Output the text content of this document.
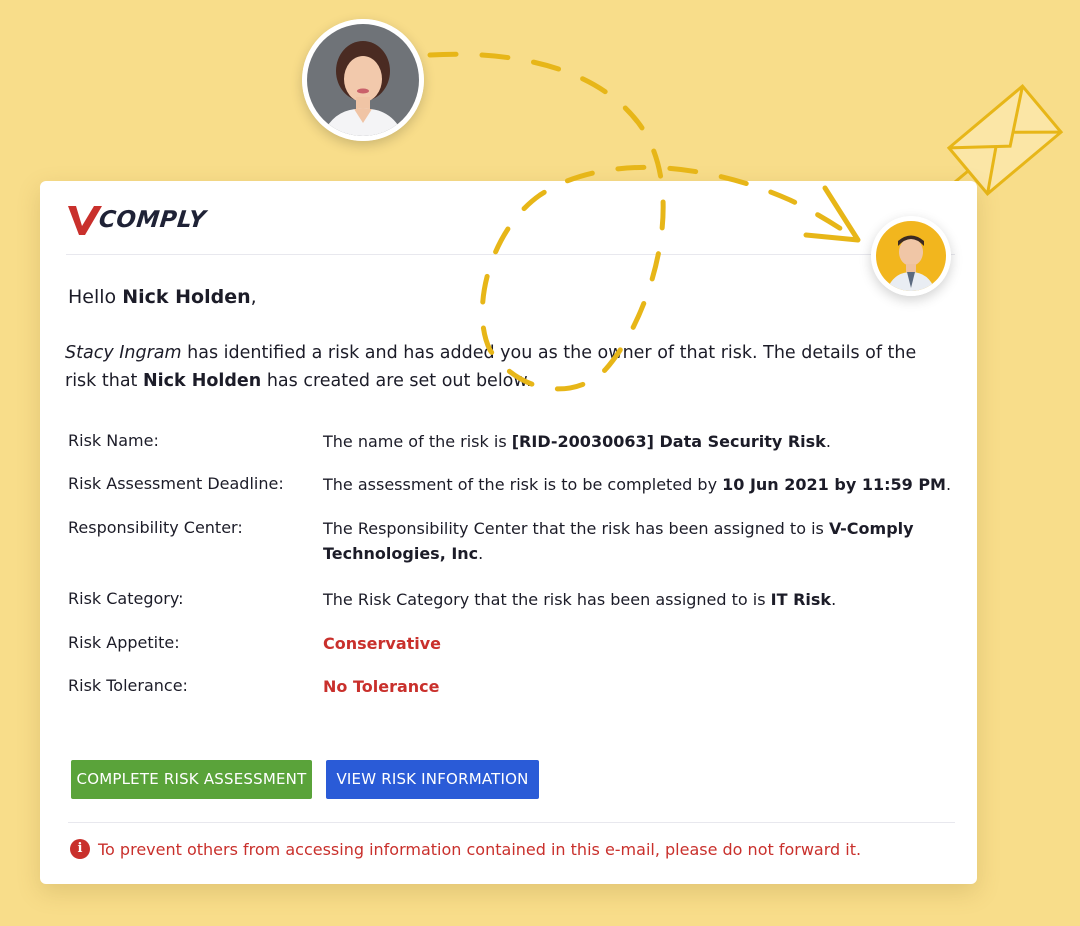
COMPLY
Hello Nick Holden,
Stacy Ingram has identified a risk and has added you as the owner of that risk. The details of the risk that Nick Holden has created are set out below.
Risk Name:	The name of the risk is [RID-20030063] Data Security Risk.
Risk Assessment Deadline: The assessment of the risk is to be completed by 10 Jun 2021 by 11:59 PM.
Responsibility Center:	The Responsibility Center that the risk has been assigned to is V-Comply Technologies, Inc.
Risk Category:	The Risk Category that the risk has been assigned to is IT Risk.
Risk Appetite:	Conservative
Risk Tolerance:	No Tolerance
COMPLETE RISK ASSESSMENT	VIEW RISK INFORMATION
i To prevent others from accessing information contained in this e-mail, please do not forward it.
